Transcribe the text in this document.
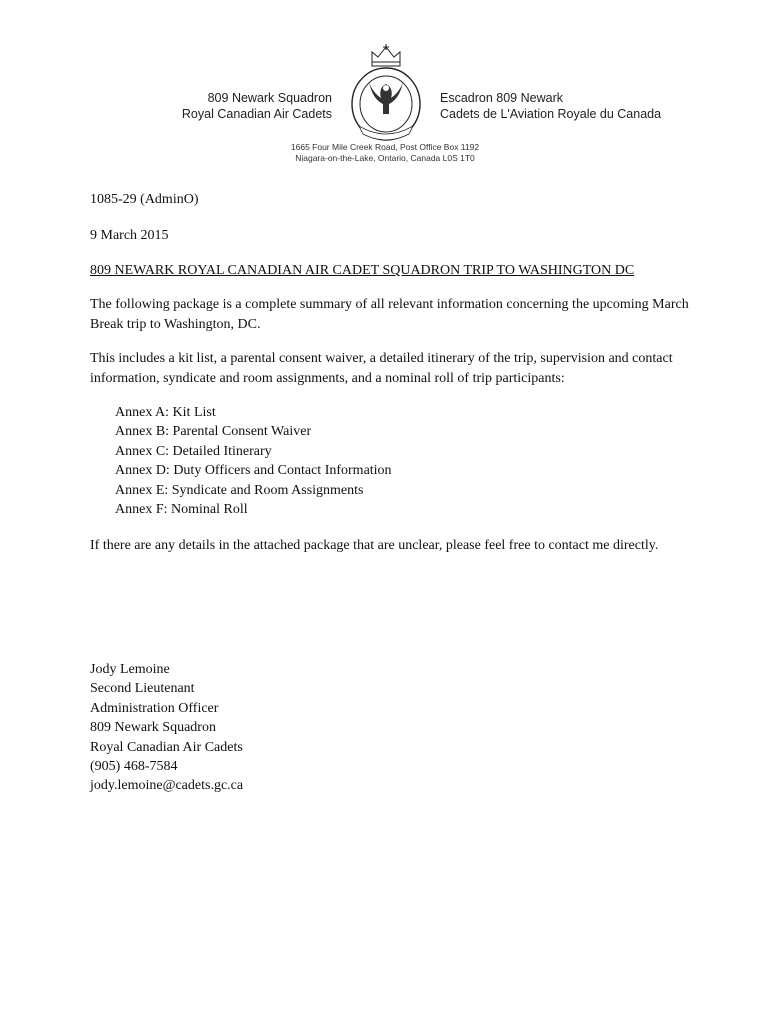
809 Newark Squadron
Royal Canadian Air Cadets
Escadron 809 Newark
Cadets de L'Aviation Royale du Canada
1665 Four Mile Creek Road, Post Office Box 1192
Niagara-on-the-Lake, Ontario, Canada L0S 1T0

1085-29 (AdminO)

9 March 2015

809 NEWARK ROYAL CANADIAN AIR CADET SQUADRON TRIP TO WASHINGTON DC

The following package is a complete summary of all relevant information concerning the upcoming March Break trip to Washington, DC.

This includes a kit list, a parental consent waiver, a detailed itinerary of the trip, supervision and contact information, syndicate and room assignments, and a nominal roll of trip participants:

Annex A: Kit List
Annex B: Parental Consent Waiver
Annex C: Detailed Itinerary
Annex D: Duty Officers and Contact Information
Annex E: Syndicate and Room Assignments
Annex F: Nominal Roll

If there are any details in the attached package that are unclear, please feel free to contact me directly.

Jody Lemoine
Second Lieutenant
Administration Officer
809 Newark Squadron
Royal Canadian Air Cadets
(905) 468-7584
jody.lemoine@cadets.gc.ca
